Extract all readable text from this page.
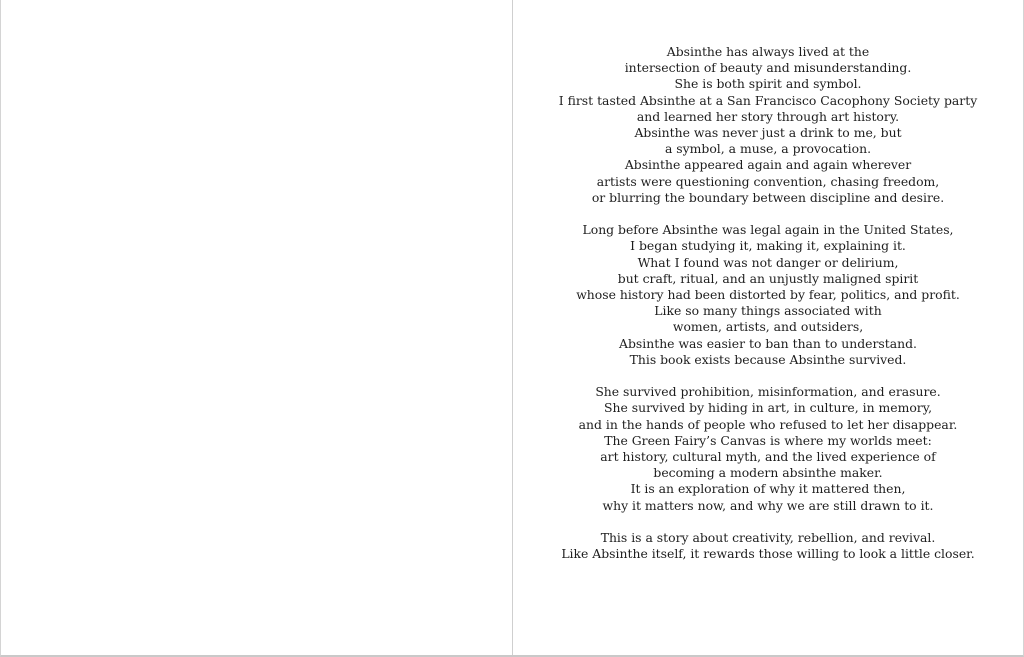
Absinthe has always lived at the
intersection of beauty and misunderstanding.
She is both spirit and symbol.
I first tasted Absinthe at a San Francisco Cacophony Society party
and learned her story through art history.
Absinthe was never just a drink to me, but
a symbol, a muse, a provocation.
Absinthe appeared again and again wherever
artists were questioning convention, chasing freedom,
or blurring the boundary between discipline and desire.

Long before Absinthe was legal again in the United States,
I began studying it, making it, explaining it.
What I found was not danger or delirium,
but craft, ritual, and an unjustly maligned spirit
whose history had been distorted by fear, politics, and profit.
Like so many things associated with
women, artists, and outsiders,
Absinthe was easier to ban than to understand.
This book exists because Absinthe survived.

She survived prohibition, misinformation, and erasure.
She survived by hiding in art, in culture, in memory,
and in the hands of people who refused to let her disappear.
The Green Fairy’s Canvas is where my worlds meet:
art history, cultural myth, and the lived experience of
becoming a modern absinthe maker.
It is an exploration of why it mattered then,
why it matters now, and why we are still drawn to it.

This is a story about creativity, rebellion, and revival.
Like Absinthe itself, it rewards those willing to look a little closer.
